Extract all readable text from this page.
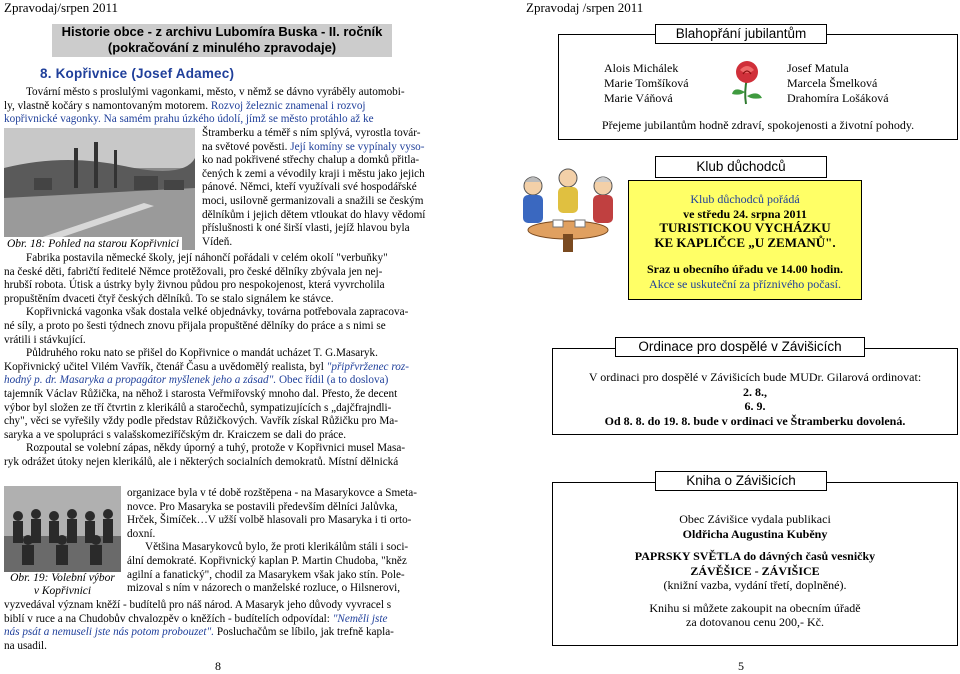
Zpravodaj/srpen 2011
Historie obce - z archivu Lubomíra Buska - II. ročník
(pokračování z minulého zpravodaje)
8. Kopřivnice (Josef Adamec)

Tovární město s proslulými vagonkami, město, v němž se dávno vyráběly automobi-

ly, vlastně kočáry s namontovaným motorem. Rozvoj železnic znamenal i rozvoj

kopřivnické vagonky. Na samém prahu úzkého údolí, jímž se město protáhlo až ke

Obr. 18: Pohled na starou Kopřivnici

Štramberku a téměř s ním splývá, vyrostla továr-

na světové pověsti. Její komíny se vypínaly vyso-

ko nad pokřivené střechy chalup a domků přitla-

čených k zemi a vévodily kraji i městu jako jejich

pánové. Němci, kteří využívali své hospodářské

moci, usilovně germanizovali a snažili se českým

dělníkům i jejich dětem vtloukat do hlavy vědomí

příslušnosti k oné širší vlasti, jejíž hlavou byla

Vídeň.

Fabrika postavila německé školy, její náhončí pořádali v celém okolí "verbuňky"

na české děti, fabričtí ředitelé Němce protěžovali, pro české dělníky zbývala jen nej-

hrubší robota. Útisk a ústrky byly živnou půdou pro nespokojenost, která vyvrcholila

propuštěním dvaceti čtyř českých dělníků. To se stalo signálem ke stávce.

Kopřivnická vagonka však dostala velké objednávky, továrna potřebovala zapracova-

né síly, a proto po šesti týdnech znovu přijala propuštěné dělníky do práce a s nimi se

vrátili i stávkující.

Půldruhého roku nato se přišel do Kopřivnice o mandát ucházet T. G.Masaryk.

Kopřivnický učitel Vilém Vavřík, čtenář Času a uvědomělý realista, byl "připřvrženec roz-

hodný p. dr. Masaryka a propagátor myšlenek jeho a zásad". Obec řídil (a to doslova)

tajemník Václav Růžička, na něhož i starosta Veřmiřovský mnoho dal. Přesto, že decent

výbor byl složen ze tří čtvrtin z klerikálů a staročechů, sympatizujících s „dajčfrajndli-

chy", věci se vyřešily vždy podle představ Růžičkových. Vavřík získal Růžičku pro Ma-

saryka a ve spolupráci s valašskomeziříčským dr. Kraiczem se dali do práce.

Rozpoutal se volební zápas, někdy úporný a tuhý, protože v Kopřivnici musel Masa-

ryk odrážet útoky nejen klerikálů, ale i některých socialních demokratů. Místní dělnická

Obr. 19: Volební výbor
v Kopřivnici

organizace byla v té době rozštěpena - na Masarykovce a Smeta-

novce. Pro Masaryka se postavili především dělníci Jalůvka,

Hrček, Šimíček…V užší volbě hlasovali pro Masaryka i ti orto-

doxní.

Většina Masarykovců bylo, že proti klerikálům stáli i soci-

ální demokraté. Kopřivnický kaplan P. Martin Chudoba, "kněz

agilní a fanatický", chodil za Masarykem však jako stín. Pole-

mizoval s ním v názorech o manželské rozluce, o Hilsnerovi,

vyzvedával význam kněží - budítelů pro náš národ. A Masaryk jeho důvody vyvracel s

biblí v ruce a na Chudobův chvalozpěv o kněžích - budítelích odpovídal: "Neměli jste

nás psát a nemuseli jste nás potom probouzet". Posluchačům se líbilo, jak trefně kapla-

na usadil.

8
Zpravodaj /srpen 2011
Blahopřání jubilantům
Alois Michálek
Marie Tomšíková
Marie Váňová
Josef Matula
Marcela Šmelková
Drahomíra Lošáková
Přejeme jubilantům hodně zdraví, spokojenosti a životní pohody.
Klub důchodců
Klub důchodců pořádá
ve středu 24. srpna 2011
TURISTICKOU VYCHÁZKU
KE KAPLIČCE „U ZEMANŮ".
Sraz u obecního úřadu ve 14.00 hodin.
Akce se uskuteční za příznivého počasí.
Ordinace pro dospělé v Závišicích
V ordinaci pro dospělé v Závišicích bude MUDr. Gilarová ordinovat:
2. 8.,
6. 9.
Od 8. 8. do 19. 8. bude v ordinaci ve Štramberku dovolená.
Kniha o Závišicích
Obec Závišice vydala publikaci
Oldřicha Augustina Kuběny
PAPRSKY SVĚTLA do dávných časů vesničky
ZÁVĚŠICE - ZÁVIŠICE
(knižní vazba, vydání třetí, doplněné).
Knihu si můžete zakoupit na obecním úřadě
za dotovanou cenu 200,- Kč.
5
